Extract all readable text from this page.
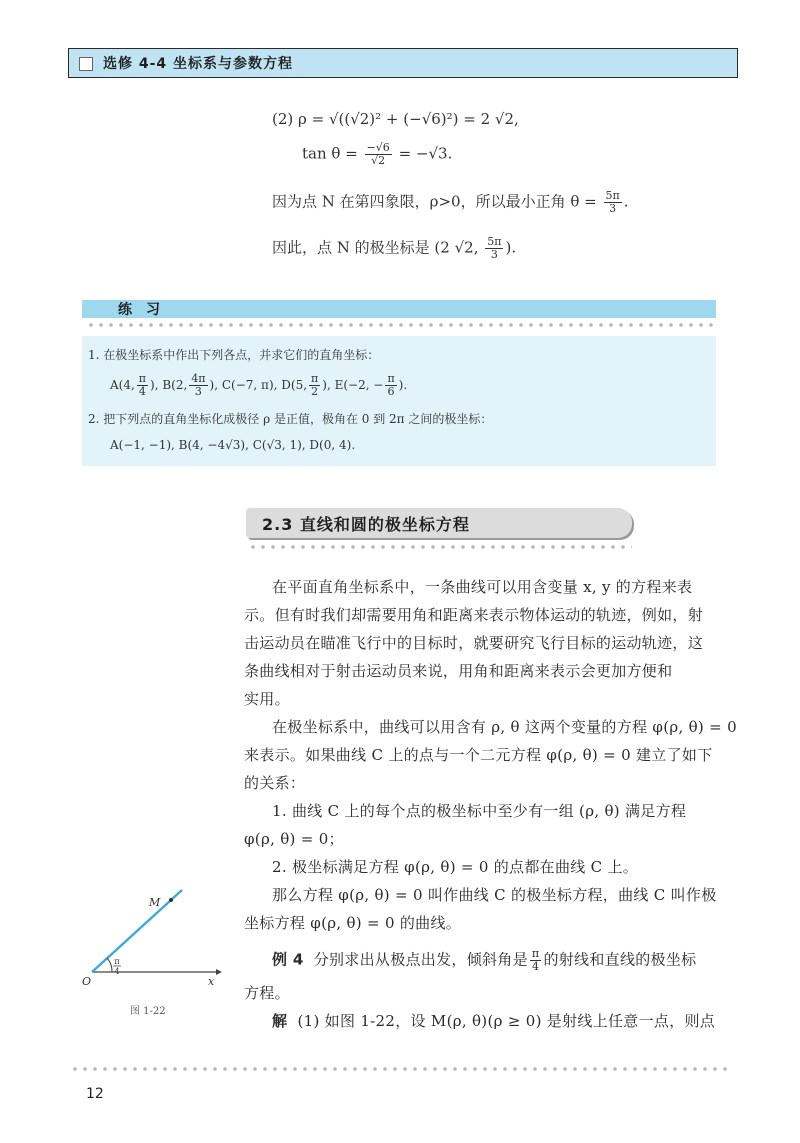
选修 4-4 坐标系与参数方程
(2) ρ = √((√2)² + (−√6)²) = 2 √2,
$\tan \theta = \frac{-√6}{√2} = -√3$.
因为点 N 在第四象限，ρ>0，所以最小正角 $\theta = \frac{5\pi}{3}$ .
因此，点 N 的极坐标是 (2 √2, $\frac{5\pi}{3}$ ).
练习
1. 在极坐标系中作出下列各点，并求它们的直角坐标：
A(4, $\frac{\pi}{4}$ ), B(2, $\frac{4\pi}{3}$ ), C(−7, π), D(5, $\frac{\pi}{2}$ ), E(−2, − $\frac{\pi}{6}$ ).
2. 把下列点的直角坐标化成极径 ρ 是正值，极角在 0 到 2π 之间的极坐标：
A(−1, −1), B(4, −4√3), C(√3, 1), D(0, 4).
2.3 直线和圆的极坐标方程
在平面直角坐标系中，一条曲线可以用含变量 x, y 的方程来表
示。但有时我们却需要用角和距离来表示物体运动的轨迹，例如，射
击运动员在瞄准飞行中的目标时，就要研究飞行目标的运动轨迹，这
条曲线相对于射击运动员来说，用角和距离来表示会更加方便和
实用。
在极坐标系中，曲线可以用含有 ρ, θ 这两个变量的方程 φ(ρ, θ) = 0
来表示。如果曲线 C 上的点与一个二元方程 φ(ρ, θ) = 0 建立了如下
的关系：
1. 曲线 C 上的每个点的极坐标中至少有一组 (ρ, θ) 满足方程
φ(ρ, θ) = 0；
2. 极坐标满足方程 φ(ρ, θ) = 0 的点都在曲线 C 上。
那么方程 φ(ρ, θ) = 0 叫作曲线 C 的极坐标方程，曲线 C 叫作极
坐标方程 φ(ρ, θ) = 0 的曲线。
例 4 分别求出从极点出发，倾斜角是 $\frac{\pi}{4}$ 的射线和直线的极坐标
方程。
解 (1) 如图 1-22，设 M(ρ, θ)(ρ ≥ 0) 是射线上任意一点，则点
M
O	x
π
4
图 1-22
12
